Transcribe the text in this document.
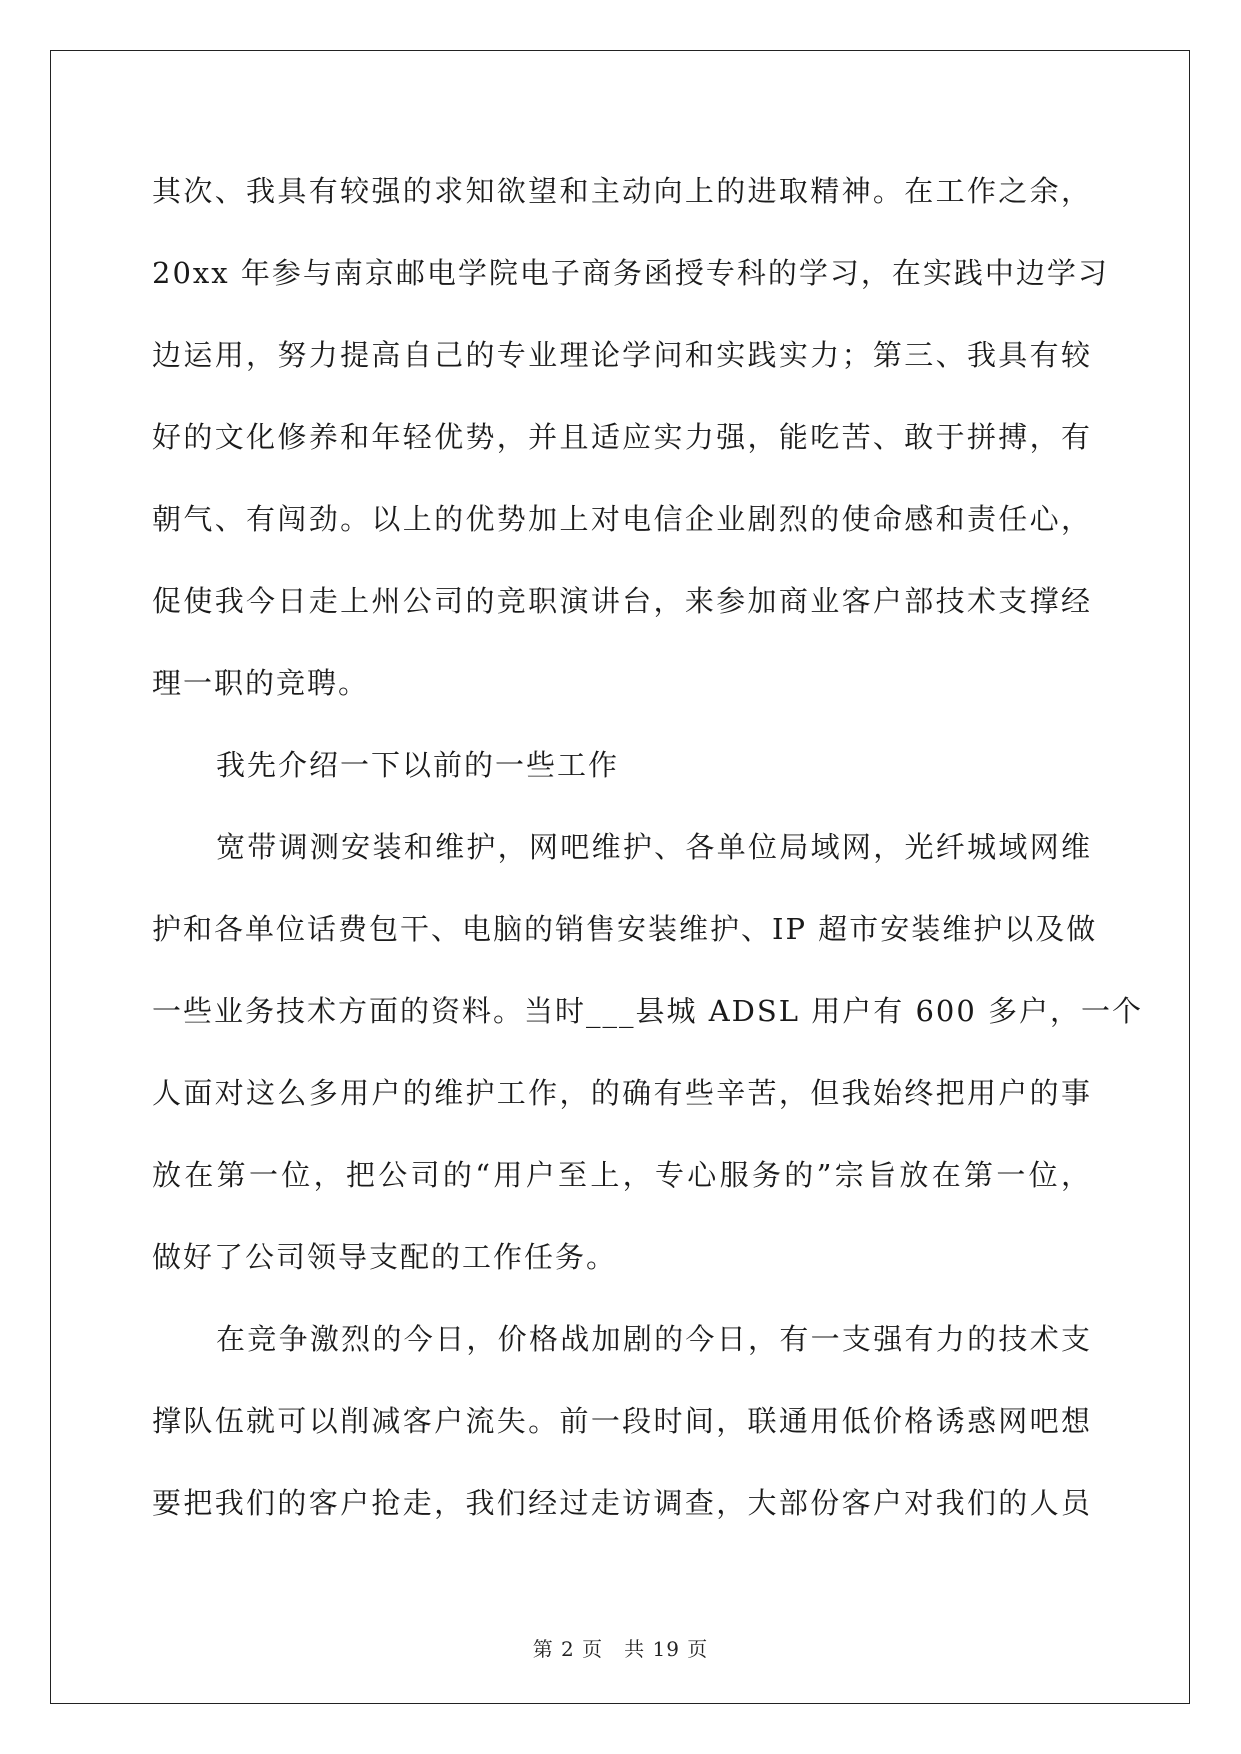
其次、我具有较强的求知欲望和主动向上的进取精神。在工作之余，

20xx 年参与南京邮电学院电子商务函授专科的学习，在实践中边学习

边运用，努力提高自己的专业理论学问和实践实力；第三、我具有较

好的文化修养和年轻优势，并且适应实力强，能吃苦、敢于拼搏，有

朝气、有闯劲。以上的优势加上对电信企业剧烈的使命感和责任心，

促使我今日走上州公司的竞职演讲台，来参加商业客户部技术支撑经

理一职的竞聘。

我先介绍一下以前的一些工作

宽带调测安装和维护，网吧维护、各单位局域网，光纤城域网维

护和各单位话费包干、电脑的销售安装维护、IP 超市安装维护以及做

一些业务技术方面的资料。当时___县城 ADSL 用户有 600 多户，一个

人面对这么多用户的维护工作，的确有些辛苦，但我始终把用户的事

放在第一位，把公司的“用户至上，专心服务的”宗旨放在第一位，

做好了公司领导支配的工作任务。

在竞争激烈的今日，价格战加剧的今日，有一支强有力的技术支

撑队伍就可以削减客户流失。前一段时间，联通用低价格诱惑网吧想

要把我们的客户抢走，我们经过走访调查，大部份客户对我们的人员

第 2 页　共 19 页
